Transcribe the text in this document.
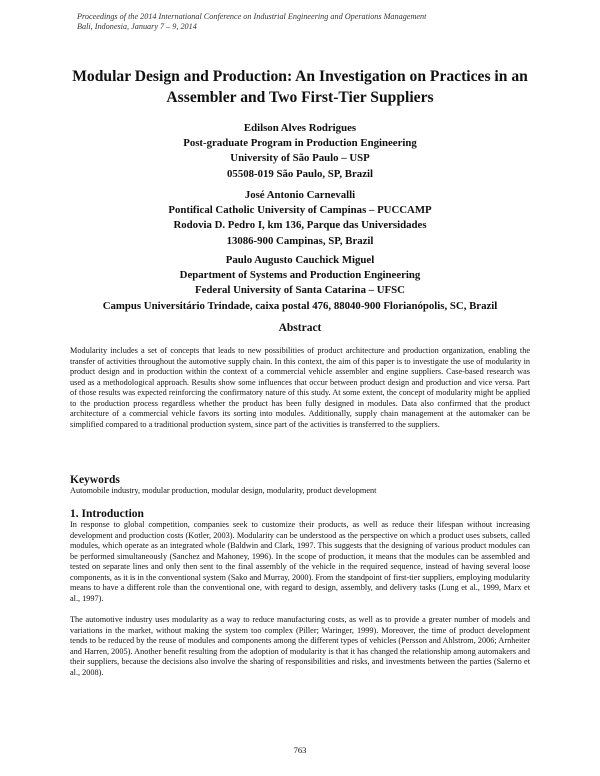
Proceedings of the 2014 International Conference on Industrial Engineering and Operations Management
Bali, Indonesia, January 7 – 9, 2014
Modular Design and Production: An Investigation on Practices in an Assembler and Two First-Tier Suppliers
Edilson Alves Rodrigues
Post-graduate Program in Production Engineering
University of São Paulo – USP
05508-019 São Paulo, SP, Brazil
José Antonio Carnevalli
Pontifical Catholic University of Campinas – PUCCAMP
Rodovia D. Pedro I, km 136, Parque das Universidades
13086-900 Campinas, SP, Brazil
Paulo Augusto Cauchick Miguel
Department of Systems and Production Engineering
Federal University of Santa Catarina – UFSC
Campus Universitário Trindade, caixa postal 476, 88040-900 Florianópolis, SC, Brazil
Abstract

Modularity includes a set of concepts that leads to new possibilities of product architecture and production organization, enabling the transfer of activities throughout the automotive supply chain. In this context, the aim of this paper is to investigate the use of modularity in product design and in production within the context of a commercial vehicle assembler and engine suppliers. Case-based research was used as a methodological approach. Results show some influences that occur between product design and production and vice versa. Part of those results was expected reinforcing the confirmatory nature of this study. At some extent, the concept of modularity might be applied to the production process regardless whether the product has been fully designed in modules. Data also confirmed that the product architecture of a commercial vehicle favors its sorting into modules. Additionally, supply chain management at the automaker can be simplified compared to a traditional production system, since part of the activities is transferred to the suppliers.

Keywords

Automobile industry, modular production, modular design, modularity, product development

1. Introduction

In response to global competition, companies seek to customize their products, as well as reduce their lifespan without increasing development and production costs (Kotler, 2003). Modularity can be understood as the perspective on which a product uses subsets, called modules, which operate as an integrated whole (Baldwin and Clark, 1997. This suggests that the designing of various product modules can be performed simultaneously (Sanchez and Mahoney, 1996). In the scope of production, it means that the modules can be assembled and tested on separate lines and only then sent to the final assembly of the vehicle in the required sequence, instead of having several loose components, as it is in the conventional system (Sako and Murray, 2000). From the standpoint of first-tier suppliers, employing modularity means to have a different role than the conventional one, with regard to design, assembly, and delivery tasks (Lung et al., 1999, Marx et al., 1997).

The automotive industry uses modularity as a way to reduce manufacturing costs, as well as to provide a greater number of models and variations in the market, without making the system too complex (Piller; Waringer, 1999). Moreover, the time of product development tends to be reduced by the reuse of modules and components among the different types of vehicles (Persson and Ahlstrom, 2006; Arnheiter and Harren, 2005). Another benefit resulting from the adoption of modularity is that it has changed the relationship among automakers and their suppliers, because the decisions also involve the sharing of responsibilities and risks, and investments between the parties (Salerno et al., 2008).

763
